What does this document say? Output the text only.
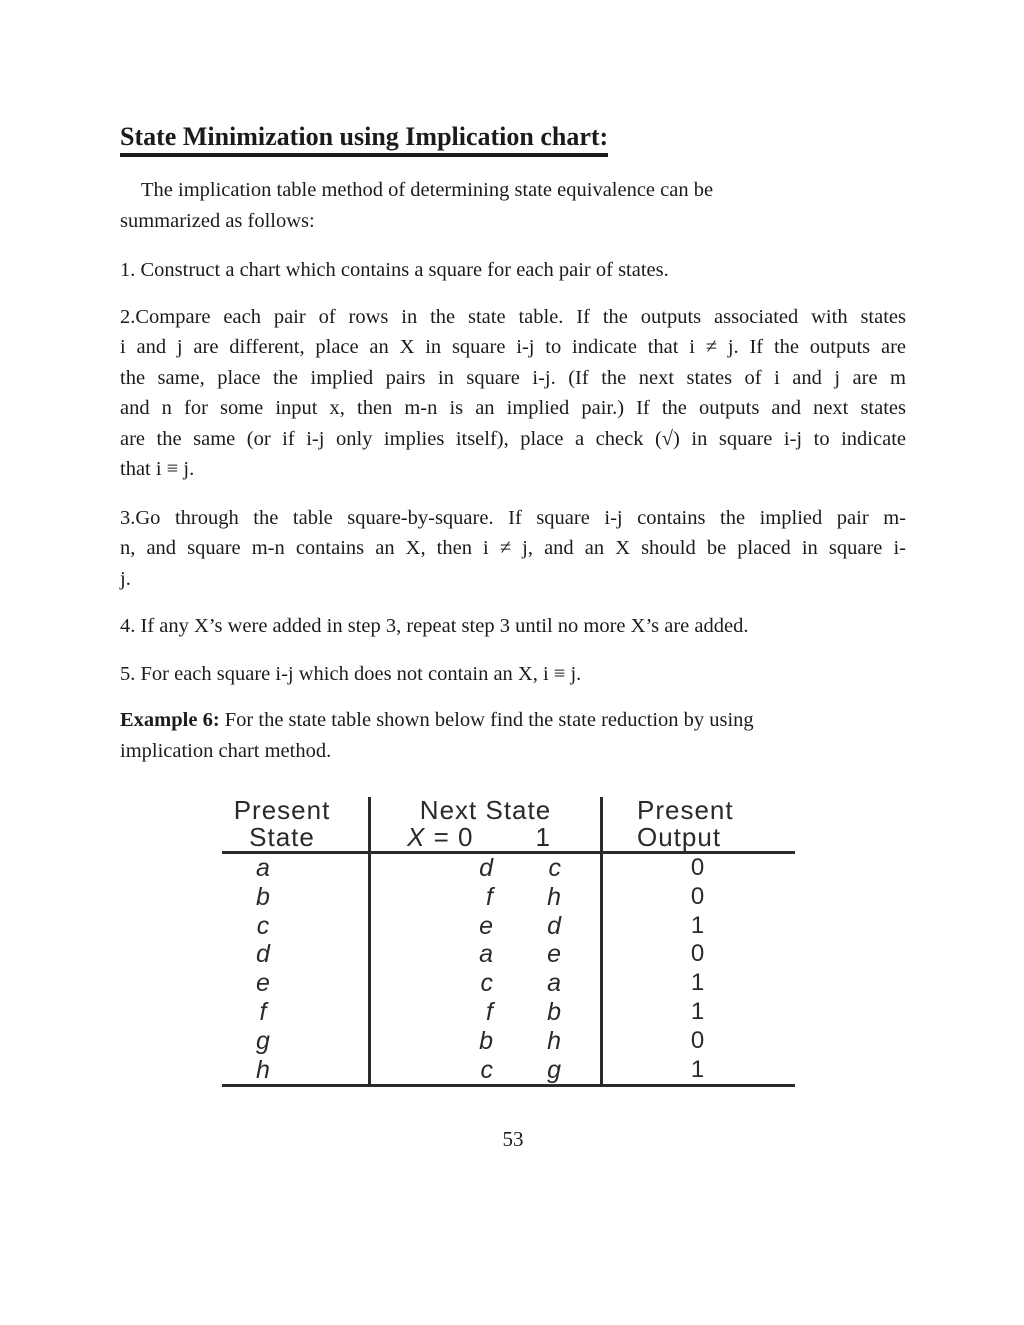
State Minimization using Implication chart:
The implication table method of determining state equivalence can be
summarized as follows:
1. Construct a chart which contains a square for each pair of states.
2.Compare each pair of rows in the state table. If the outputs associated with states
i and j are different, place an X in square i-j to indicate that i ≠ j. If the outputs are
the same, place the implied pairs in square i-j. (If the next states of i and j are m
and n for some input x, then m-n is an implied pair.) If the outputs and next states
are the same (or if i-j only implies itself), place a check (√) in square i-j to indicate
that i ≡ j.
3.Go through the table square-by-square. If square i-j contains the implied pair m-
n, and square m-n contains an X, then i ≠ j, and an X should be placed in square i-
j.
4. If any X’s were added in step 3, repeat step 3 until no more X’s are added.
5. For each square i-j which does not contain an X, i ≡ j.
Example 6: For the state table shown below find the state reduction by using
implication chart method.
Present
State
Next State
X = 0 1
Present
Output
a	d	c	0
b	f	h	0
c	e	d	1
d	a	e	0
e	c	a	1
f	f	b	1
g	b	h	0
h	c	g	1
53
